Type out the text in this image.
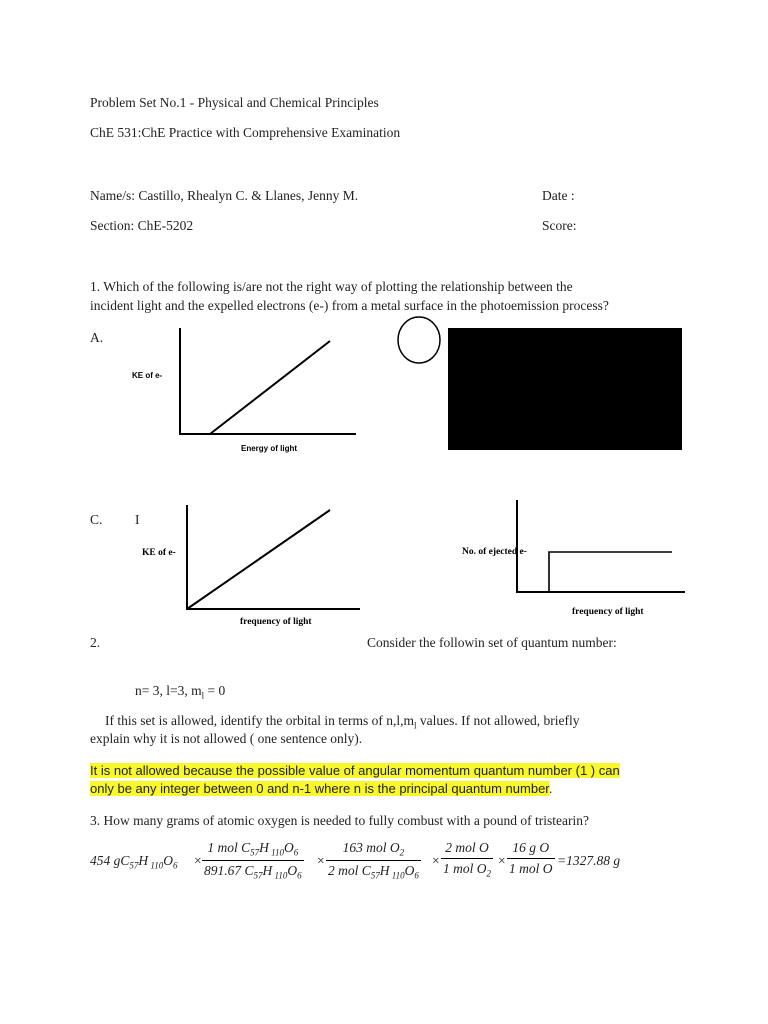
Problem Set No.1 - Physical and Chemical Principles
ChE 531:ChE Practice with Comprehensive Examination
Name/s: Castillo, Rhealyn C. & Llanes, Jenny M.	Date :
Section: ChE-5202	Score:
1. Which of the following is/are not the right way of plotting the relationship between the
incident light and the expelled electrons (e-) from a metal surface in the photoemission process?
A.
KE of e-
Energy of light
C. I
KE of e-
frequency of light
No. of ejected e-
frequency of light
2.	Consider the followin set of quantum number:
n= 3, l=3, $m_l = 0$
If this set is allowed, identify the orbital in terms of $n,l,m_l$ values. If not allowed, briefly
explain why it is not allowed ( one sentence only).
It is not allowed because the possible value of angular momentum quantum number (1 ) can
only be any integer between 0 and n-1 where n is the principal quantum number.
3. How many grams of atomic oxygen is needed to fully combust with a pound of tristearin?
454 $gC_{57}H$ $_{110}O_6$ ×
1 mol $C_{57}H$ $_{110}O_6$
891.67 $C_{57}H$ $_{110}O_6$
×
163 mol $O_2$
2 mol $C_{57}H$ $_{110}O_6$
×
2 mol O
1 mol $O_2$
×
16 g O
1 mol O
=1327.88 g
